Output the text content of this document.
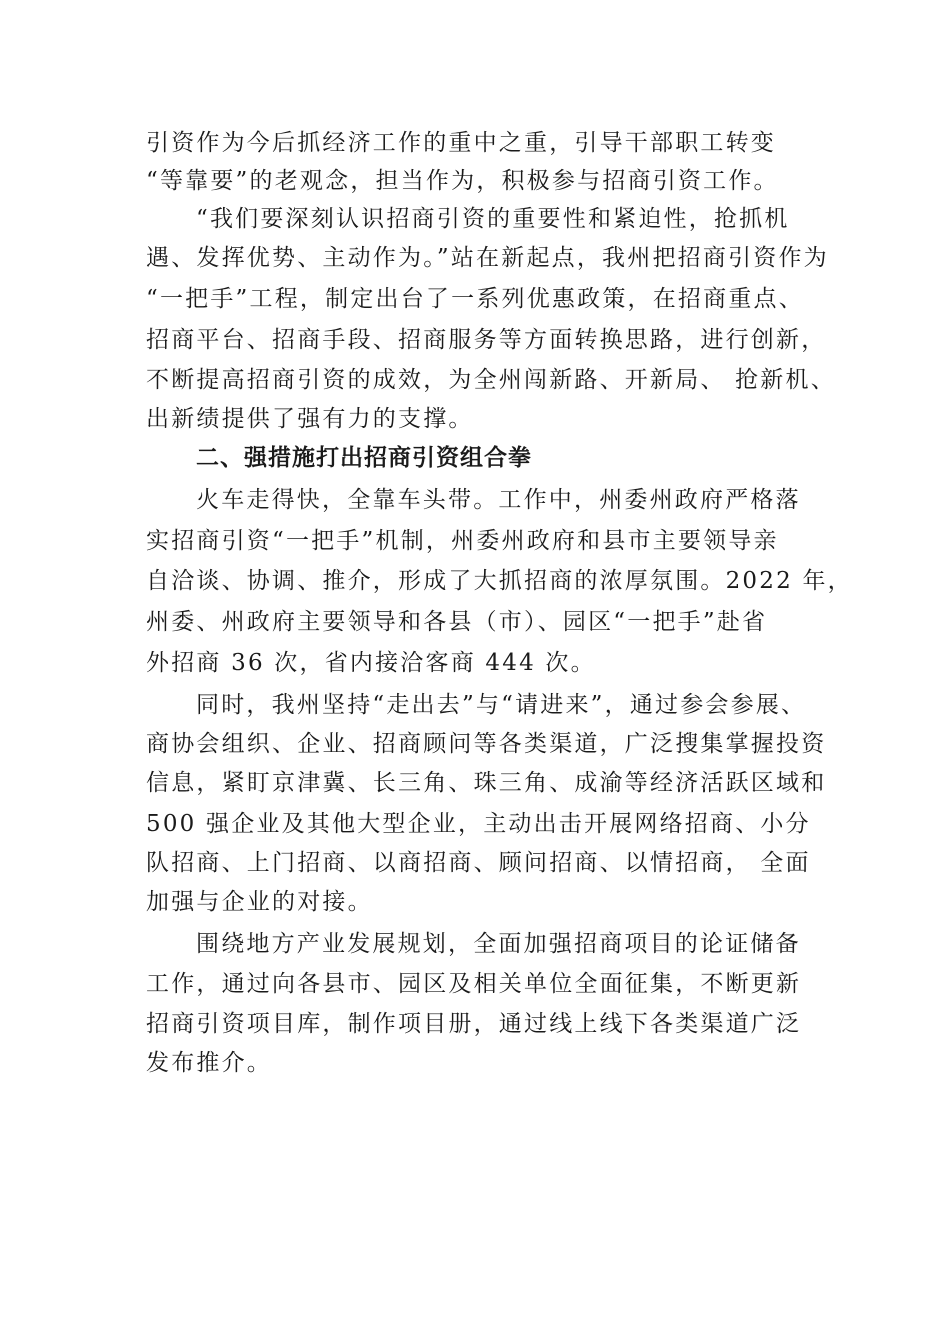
引资作为今后抓经济工作的重中之重，引导干部职工转变
“等靠要”的老观念，担当作为，积极参与招商引资工作。
“我们要深刻认识招商引资的重要性和紧迫性，抢抓机
遇、发挥优势、主动作为。”站在新起点，我州把招商引资作为
“一把手”工程，制定出台了一系列优惠政策，在招商重点、
招商平台、招商手段、招商服务等方面转换思路，进行创新，
不断提高招商引资的成效，为全州闯新路、开新局、 抢新机、
出新绩提供了强有力的支撑。
二、强措施打出招商引资组合拳
火车走得快，全靠车头带。工作中，州委州政府严格落
实招商引资“一把手”机制，州委州政府和县市主要领导亲
自洽谈、协调、推介，形成了大抓招商的浓厚氛围。2022 年，
州委、州政府主要领导和各县（市）、园区“一把手”赴省
外招商 36 次，省内接洽客商 444 次。
同时，我州坚持“走出去”与“请进来”，通过参会参展、
商协会组织、企业、招商顾问等各类渠道，广泛搜集掌握投资
信息，紧盯京津冀、长三角、珠三角、成渝等经济活跃区域和
500 强企业及其他大型企业，主动出击开展网络招商、小分
队招商、上门招商、以商招商、顾问招商、以情招商， 全面
加强与企业的对接。
围绕地方产业发展规划，全面加强招商项目的论证储备
工作，通过向各县市、园区及相关单位全面征集，不断更新
招商引资项目库，制作项目册，通过线上线下各类渠道广泛
发布推介。
